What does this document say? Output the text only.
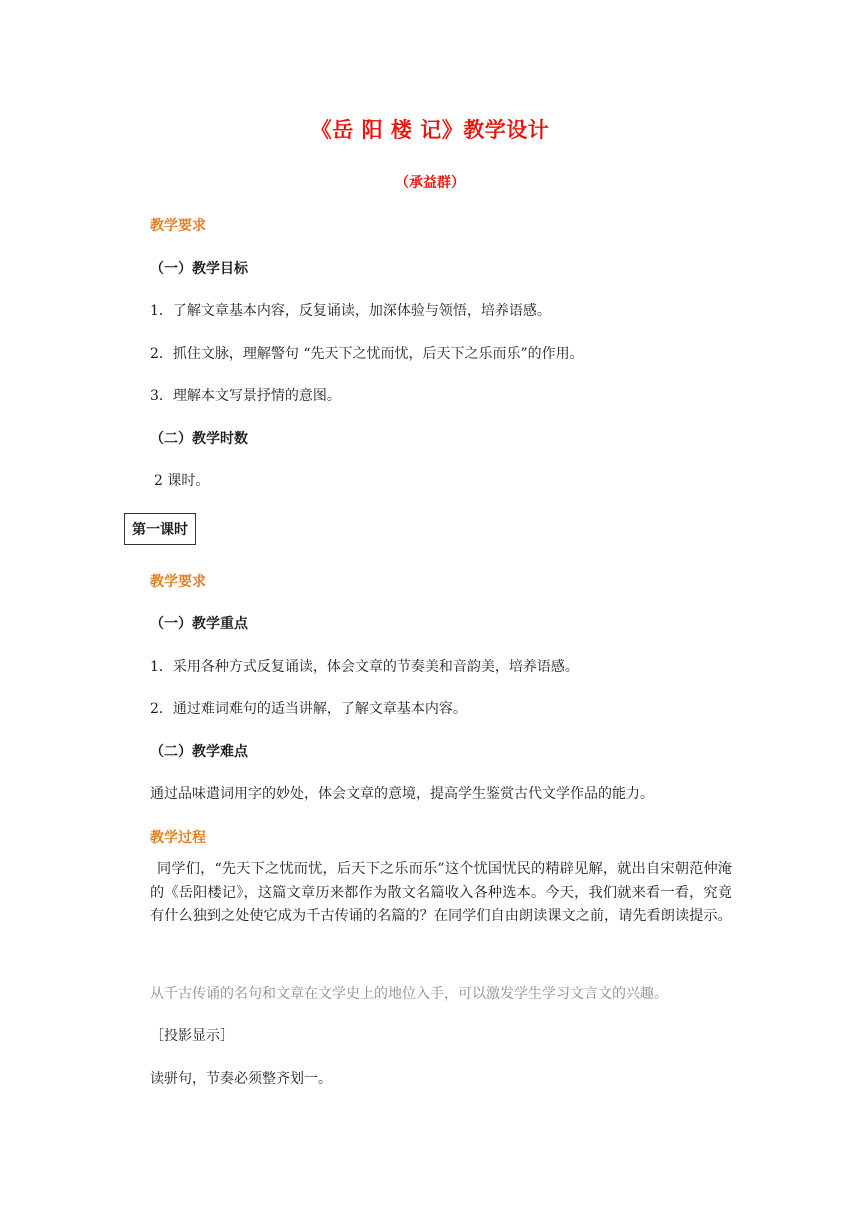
《岳 阳 楼 记》教学设计
（承益群）
教学要求
（一）教学目标
1．了解文章基本内容，反复诵读，加深体验与领悟，培养语感。
2．抓住文脉，理解警句 “先天下之忧而忧，后天下之乐而乐”的作用。
3．理解本文写景抒情的意图。
（二）教学时数
2 课时。
第一课时
教学要求
（一）教学重点
1．采用各种方式反复诵读，体会文章的节奏美和音韵美，培养语感。
2．通过难词难句的适当讲解，了解文章基本内容。
（二）教学难点
通过品味遣词用字的妙处，体会文章的意境，提高学生鉴赏古代文学作品的能力。
教学过程
同学们，“先天下之忧而忧，后天下之乐而乐”这个忧国忧民的精辟见解，就出自宋朝范仲淹的《岳阳楼记》，这篇文章历来都作为散文名篇收入各种选本。今天，我们就来看一看，究竟有什么独到之处使它成为千古传诵的名篇的？在同学们自由朗读课文之前，请先看朗读提示。
从千古传诵的名句和文章在文学史上的地位入手，可以激发学生学习文言文的兴趣。
［投影显示］
读骈句，节奏必须整齐划一。
